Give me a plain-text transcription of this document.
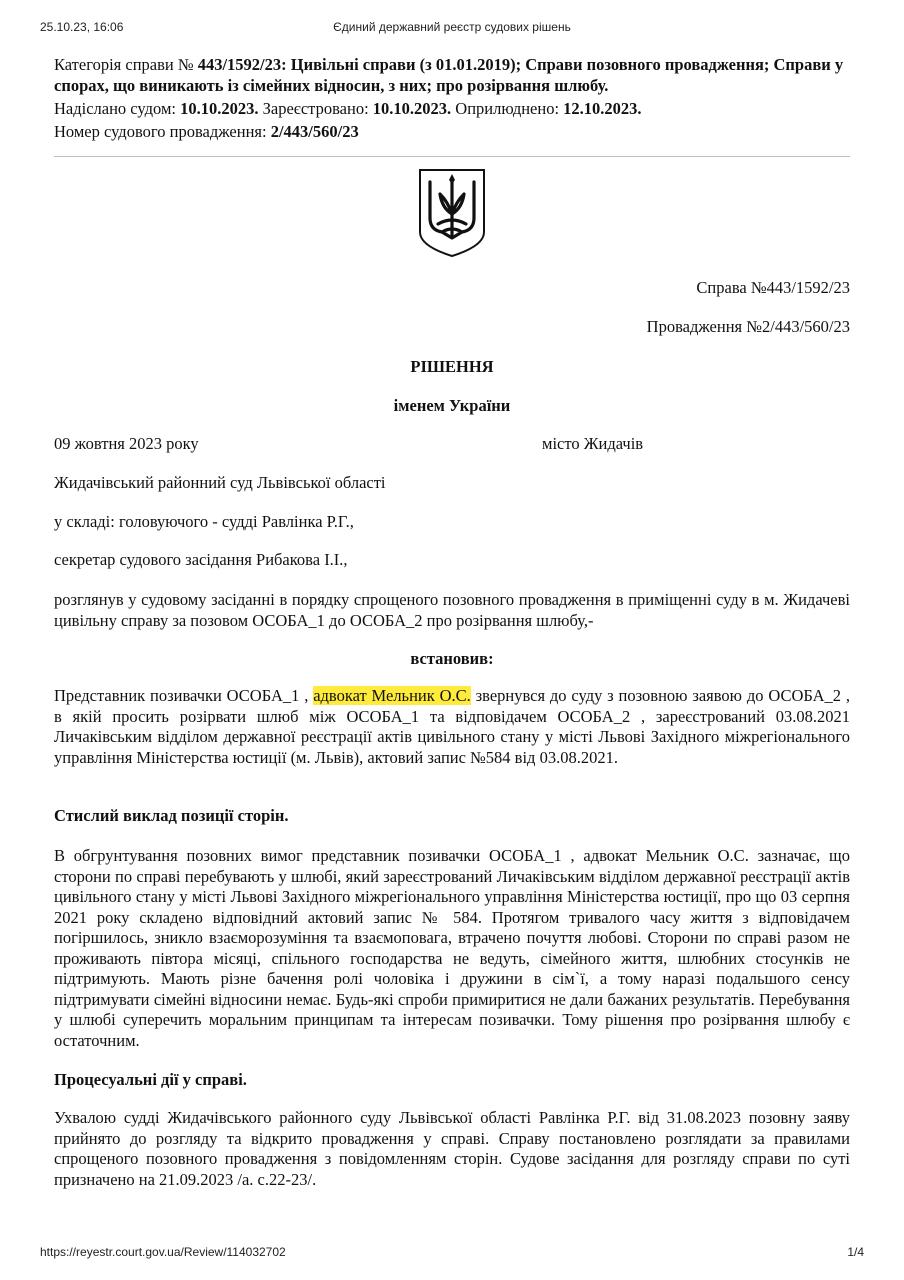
25.10.23, 16:06	Єдиний державний реєстр судових рішень

Категорія справи № 443/1592/23: Цивільні справи (з 01.01.2019); Справи позовного провадження; Справи у спорах, що виникають із сімейних відносин, з них; про розірвання шлюбу.

Надіслано судом: 10.10.2023. Зареєстровано: 10.10.2023. Оприлюднено: 12.10.2023.

Номер судового провадження: 2/443/560/23

Справа №443/1592/23
Провадження №2/443/560/23
РІШЕННЯ
іменем України
09 жовтня 2023 року	місто Жидачів
Жидачівський районний суд Львівської області
у складі: головуючого - судді Равлінка Р.Г.,
секретар судового засідання Рибакова І.І.,
розглянув у судовому засіданні в порядку спрощеного позовного провадження в приміщенні суду в м. Жидачеві цивільну справу за позовом ОСОБА_1 до ОСОБА_2 про розірвання шлюбу,-
встановив:
Представник позивачки ОСОБА_1 , адвокат Мельник О.С. звернувся до суду з позовною заявою до ОСОБА_2 , в якій просить розірвати шлюб між ОСОБА_1 та відповідачем ОСОБА_2 , зареєстрований 03.08.2021 Личаківським відділом державної реєстрації актів цивільного стану у місті Львові Західного міжрегіонального управління Міністерства юстиції (м. Львів), актовий запис №584 від 03.08.2021.
Стислий виклад позиції сторін.
В обгрунтування позовних вимог представник позивачки ОСОБА_1 , адвокат Мельник О.С. зазначає, що сторони по справі перебувають у шлюбі, який зареєстрований Личаківським відділом державної реєстрації актів цивільного стану у місті Львові Західного міжрегіонального управління Міністерства юстиції, про що 03 серпня 2021 року складено відповідний актовий запис № 584. Протягом тривалого часу життя з відповідачем погіршилось, зникло взаєморозуміння та взаємоповага, втрачено почуття любові. Сторони по справі разом не проживають півтора місяці, спільного господарства не ведуть, сімейного життя, шлюбних стосунків не підтримують. Мають різне бачення ролі чоловіка і дружини в сім`ї, а тому наразі подальшого сенсу підтримувати сімейні відносини немає. Будь-які спроби примиритися не дали бажаних результатів. Перебування у шлюбі суперечить моральним принципам та інтересам позивачки. Тому рішення про розірвання шлюбу є остаточним.
Процесуальні дії у справі.
Ухвалою судді Жидачівського районного суду Львівської області Равлінка Р.Г. від 31.08.2023 позовну заяву прийнято до розгляду та відкрито провадження у справі. Справу постановлено розглядати за правилами спрощеного позовного провадження з повідомленням сторін. Судове засідання для розгляду справи по суті призначено на 21.09.2023 /а. с.22-23/.
https://reyestr.court.gov.ua/Review/114032702	1/4
